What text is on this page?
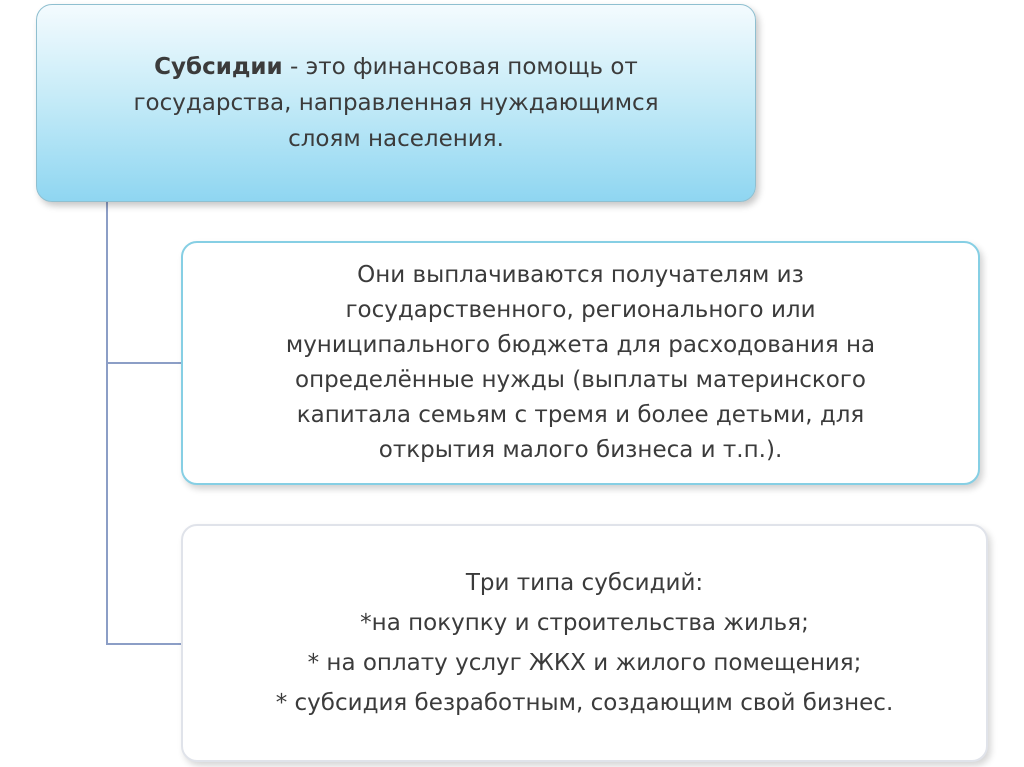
Субсидии - это финансовая помощь от
государства, направленная нуждающимся
слоям населения.
Они выплачиваются получателям из
государственного, регионального или
муниципального бюджета для расходования на
определённые нужды (выплаты материнского
капитала семьям с тремя и более детьми, для
открытия малого бизнеса и т.п.).
Три типа субсидий:
*на покупку и строительства жилья;
* на оплату услуг ЖКХ и жилого помещения;
* субсидия безработным, создающим свой бизнес.
